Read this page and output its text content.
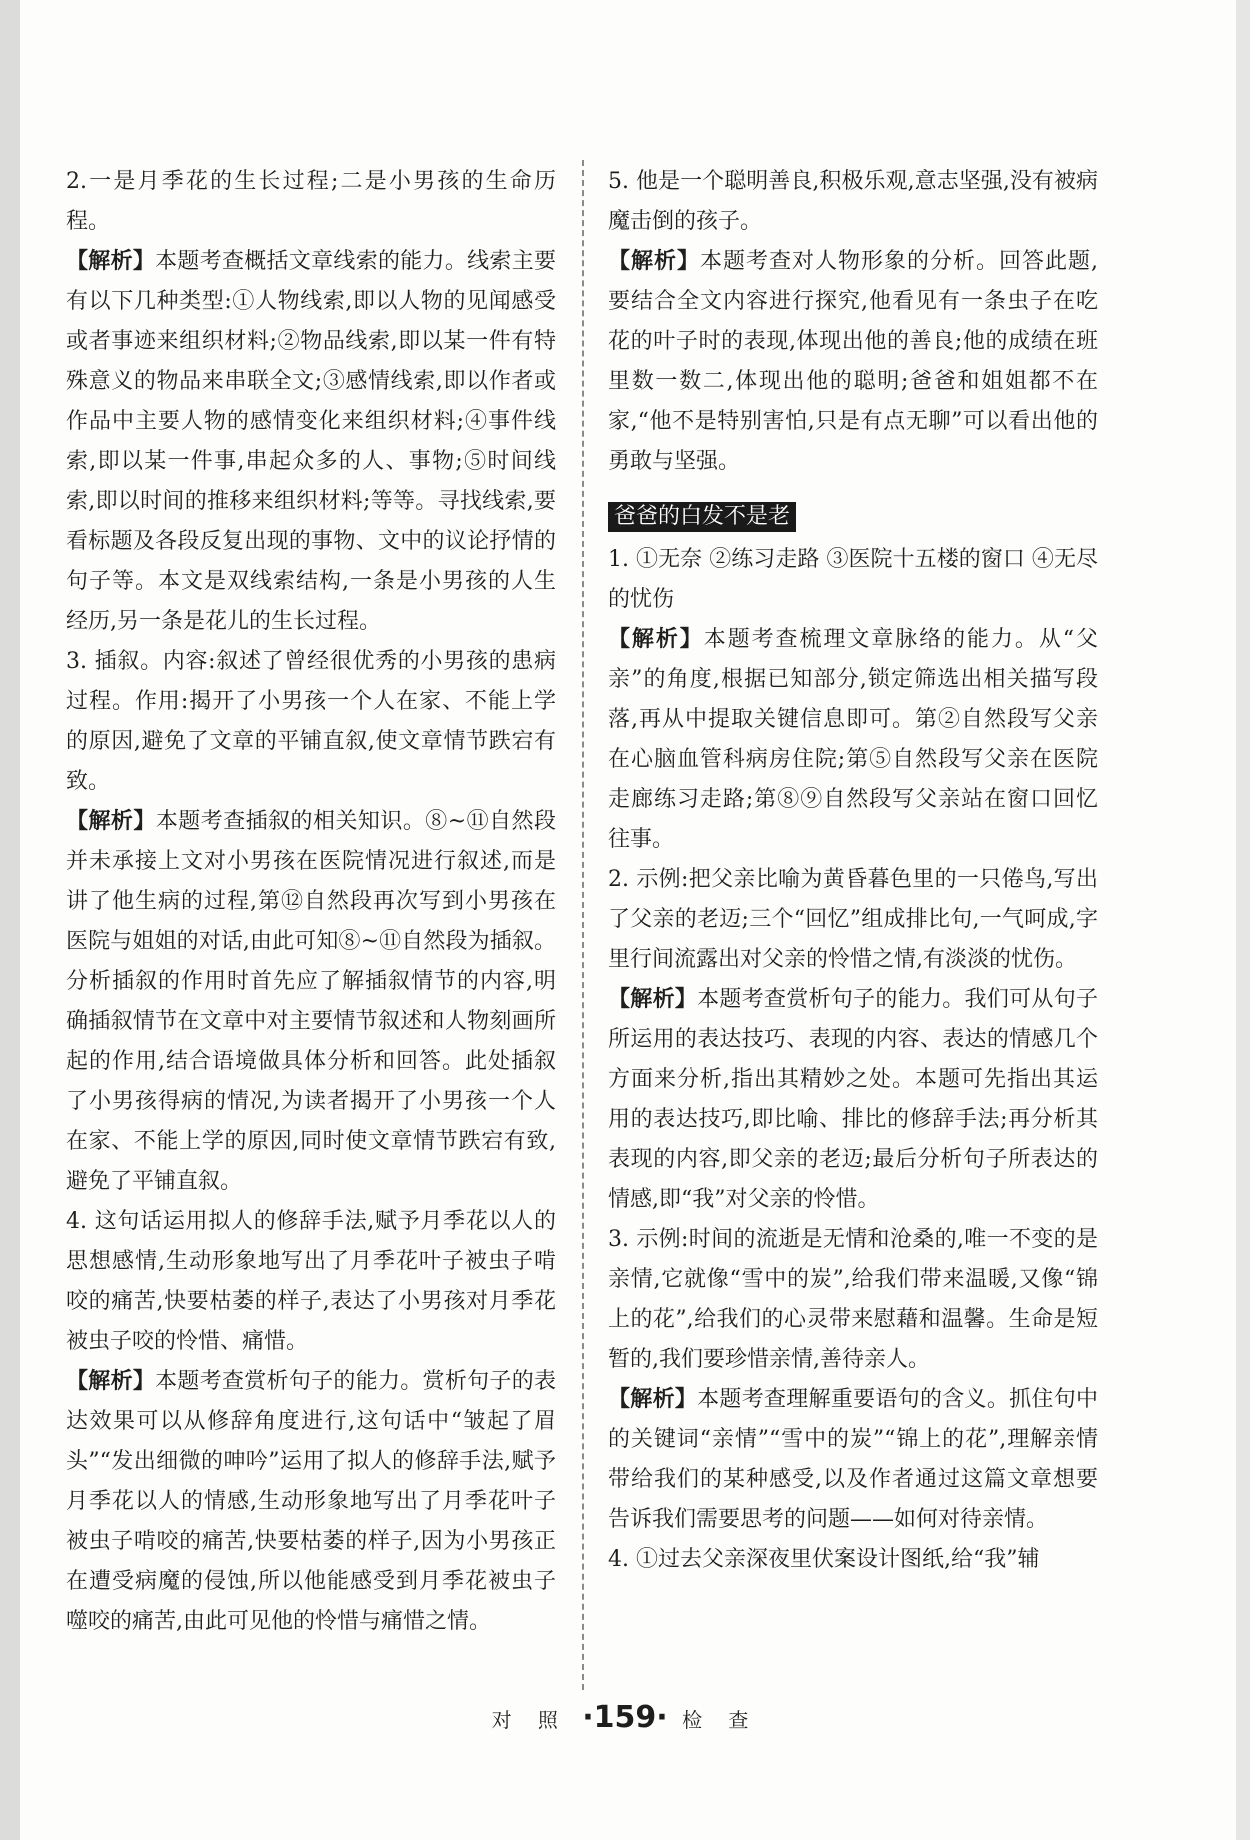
2.一是月季花的生长过程;二是小男孩的生命历程。

【解析】本题考查概括文章线索的能力。线索主要有以下几种类型:①人物线索,即以人物的见闻感受或者事迹来组织材料;②物品线索,即以某一件有特殊意义的物品来串联全文;③感情线索,即以作者或作品中主要人物的感情变化来组织材料;④事件线索,即以某一件事,串起众多的人、事物;⑤时间线索,即以时间的推移来组织材料;等等。寻找线索,要看标题及各段反复出现的事物、文中的议论抒情的句子等。本文是双线索结构,一条是小男孩的人生经历,另一条是花儿的生长过程。

3. 插叙。内容:叙述了曾经很优秀的小男孩的患病过程。作用:揭开了小男孩一个人在家、不能上学的原因,避免了文章的平铺直叙,使文章情节跌宕有致。

【解析】本题考查插叙的相关知识。⑧~⑪自然段并未承接上文对小男孩在医院情况进行叙述,而是讲了他生病的过程,第⑫自然段再次写到小男孩在医院与姐姐的对话,由此可知⑧~⑪自然段为插叙。分析插叙的作用时首先应了解插叙情节的内容,明确插叙情节在文章中对主要情节叙述和人物刻画所起的作用,结合语境做具体分析和回答。此处插叙了小男孩得病的情况,为读者揭开了小男孩一个人在家、不能上学的原因,同时使文章情节跌宕有致,避免了平铺直叙。

4. 这句话运用拟人的修辞手法,赋予月季花以人的思想感情,生动形象地写出了月季花叶子被虫子啃咬的痛苦,快要枯萎的样子,表达了小男孩对月季花被虫子咬的怜惜、痛惜。

【解析】本题考查赏析句子的能力。赏析句子的表达效果可以从修辞角度进行,这句话中“皱起了眉头”“发出细微的呻吟”运用了拟人的修辞手法,赋予月季花以人的情感,生动形象地写出了月季花叶子被虫子啃咬的痛苦,快要枯萎的样子,因为小男孩正在遭受病魔的侵蚀,所以他能感受到月季花被虫子噬咬的痛苦,由此可见他的怜惜与痛惜之情。

5. 他是一个聪明善良,积极乐观,意志坚强,没有被病魔击倒的孩子。

【解析】本题考查对人物形象的分析。回答此题,要结合全文内容进行探究,他看见有一条虫子在吃花的叶子时的表现,体现出他的善良;他的成绩在班里数一数二,体现出他的聪明;爸爸和姐姐都不在家,“他不是特别害怕,只是有点无聊”可以看出他的勇敢与坚强。

爸爸的白发不是老

1. ①无奈 ②练习走路 ③医院十五楼的窗口 ④无尽的忧伤

【解析】本题考查梳理文章脉络的能力。从“父亲”的角度,根据已知部分,锁定筛选出相关描写段落,再从中提取关键信息即可。第②自然段写父亲在心脑血管科病房住院;第⑤自然段写父亲在医院走廊练习走路;第⑧⑨自然段写父亲站在窗口回忆往事。

2. 示例:把父亲比喻为黄昏暮色里的一只倦鸟,写出了父亲的老迈;三个“回忆”组成排比句,一气呵成,字里行间流露出对父亲的怜惜之情,有淡淡的忧伤。

【解析】本题考查赏析句子的能力。我们可从句子所运用的表达技巧、表现的内容、表达的情感几个方面来分析,指出其精妙之处。本题可先指出其运用的表达技巧,即比喻、排比的修辞手法;再分析其表现的内容,即父亲的老迈;最后分析句子所表达的情感,即“我”对父亲的怜惜。

3. 示例:时间的流逝是无情和沧桑的,唯一不变的是亲情,它就像“雪中的炭”,给我们带来温暖,又像“锦上的花”,给我们的心灵带来慰藉和温馨。生命是短暂的,我们要珍惜亲情,善待亲人。

【解析】本题考查理解重要语句的含义。抓住句中的关键词“亲情”“雪中的炭”“锦上的花”,理解亲情带给我们的某种感受,以及作者通过这篇文章想要告诉我们需要思考的问题——如何对待亲情。

4. ①过去父亲深夜里伏案设计图纸,给“我”辅

对 照 ·159· 检 查
